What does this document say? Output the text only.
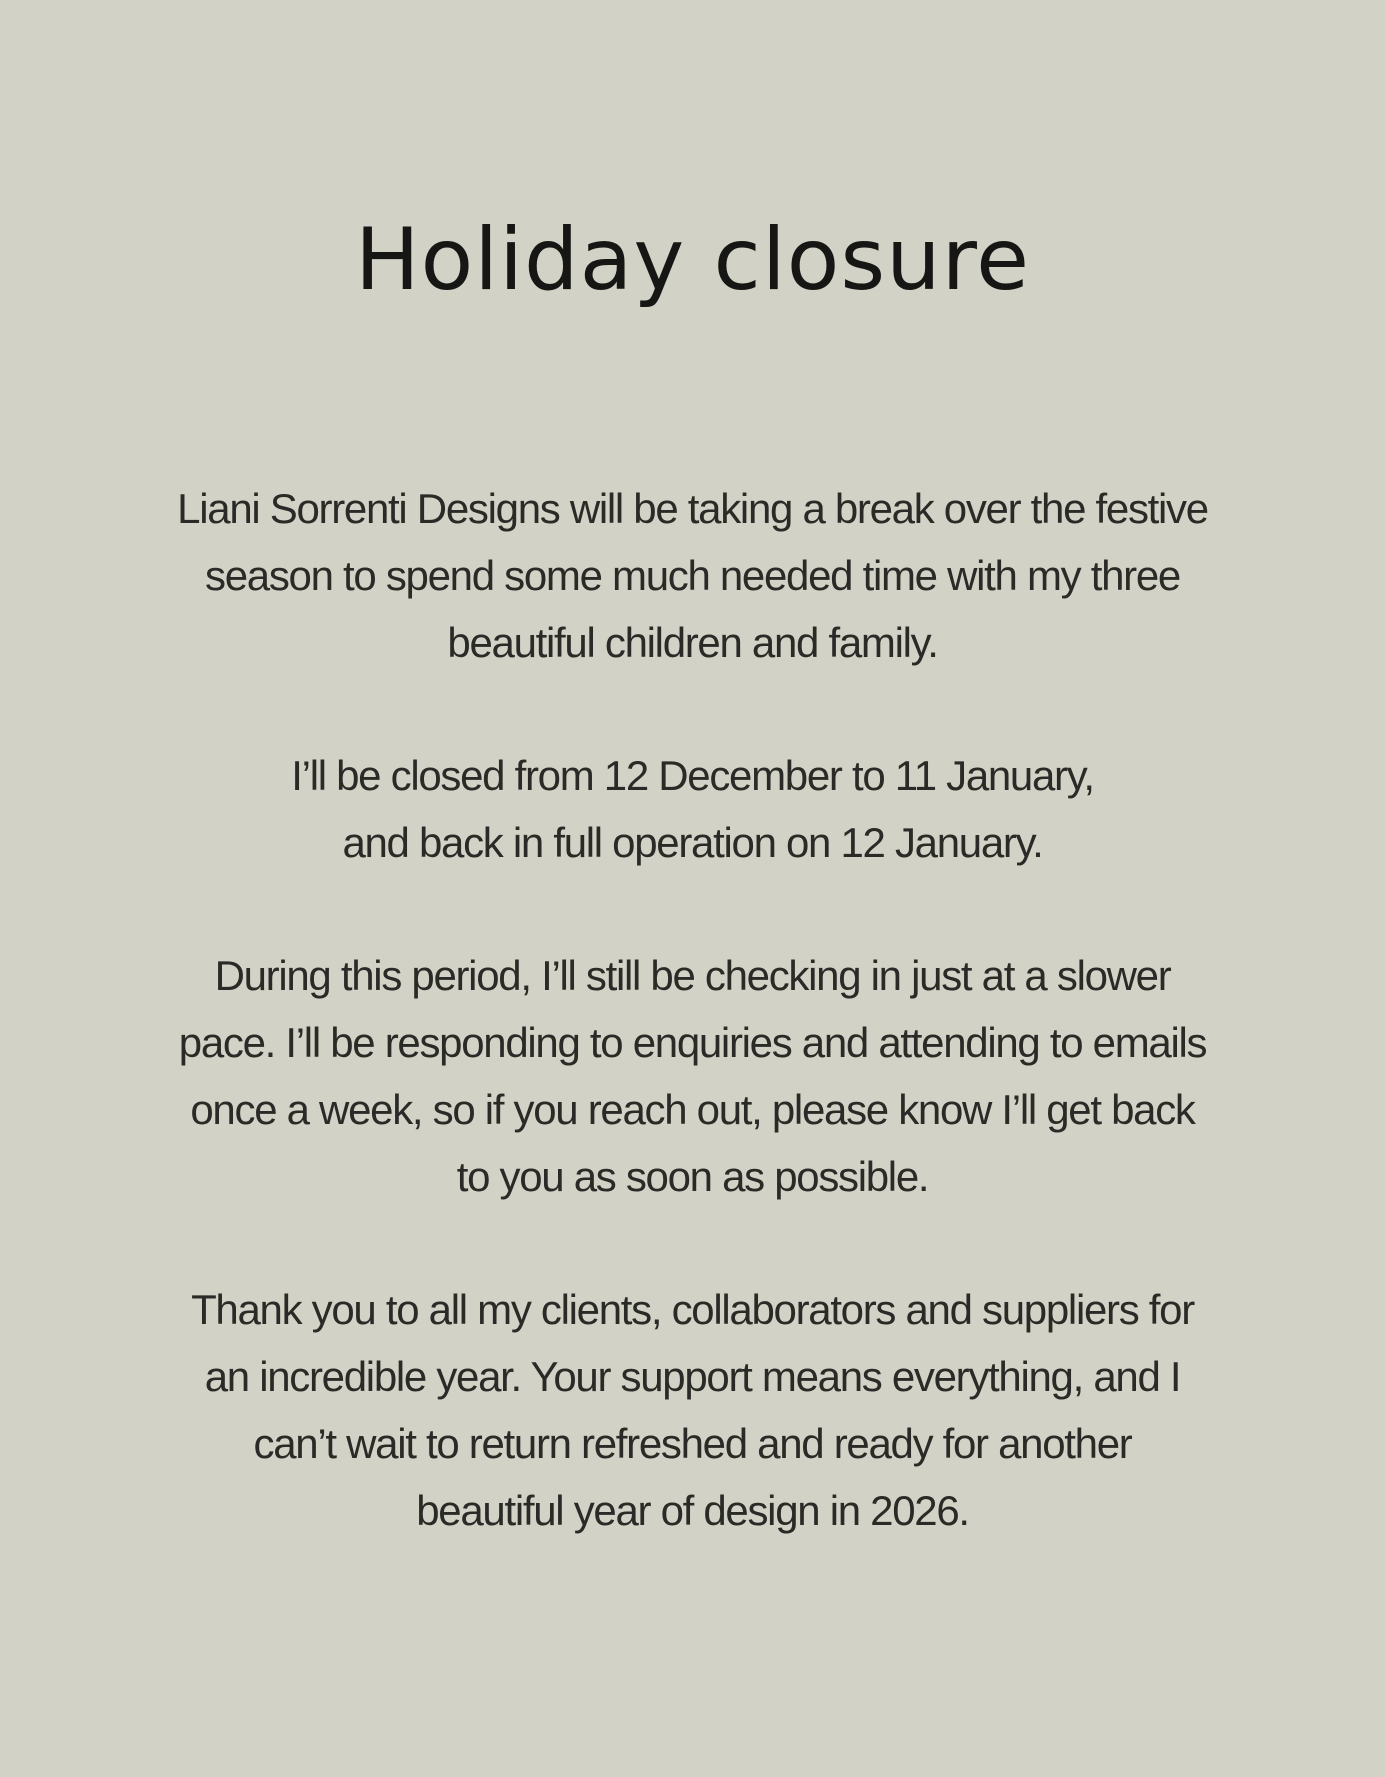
Holiday closure

Liani Sorrenti Designs will be taking a break over the festive
season to spend some much needed time with my three
beautiful children and family.

I’ll be closed from 12 December to 11 January,
and back in full operation on 12 January.

During this period, I’ll still be checking in just at a slower
pace. I’ll be responding to enquiries and attending to emails
once a week, so if you reach out, please know I’ll get back
to you as soon as possible.

Thank you to all my clients, collaborators and suppliers for
an incredible year. Your support means everything, and I
can’t wait to return refreshed and ready for another
beautiful year of design in 2026.
